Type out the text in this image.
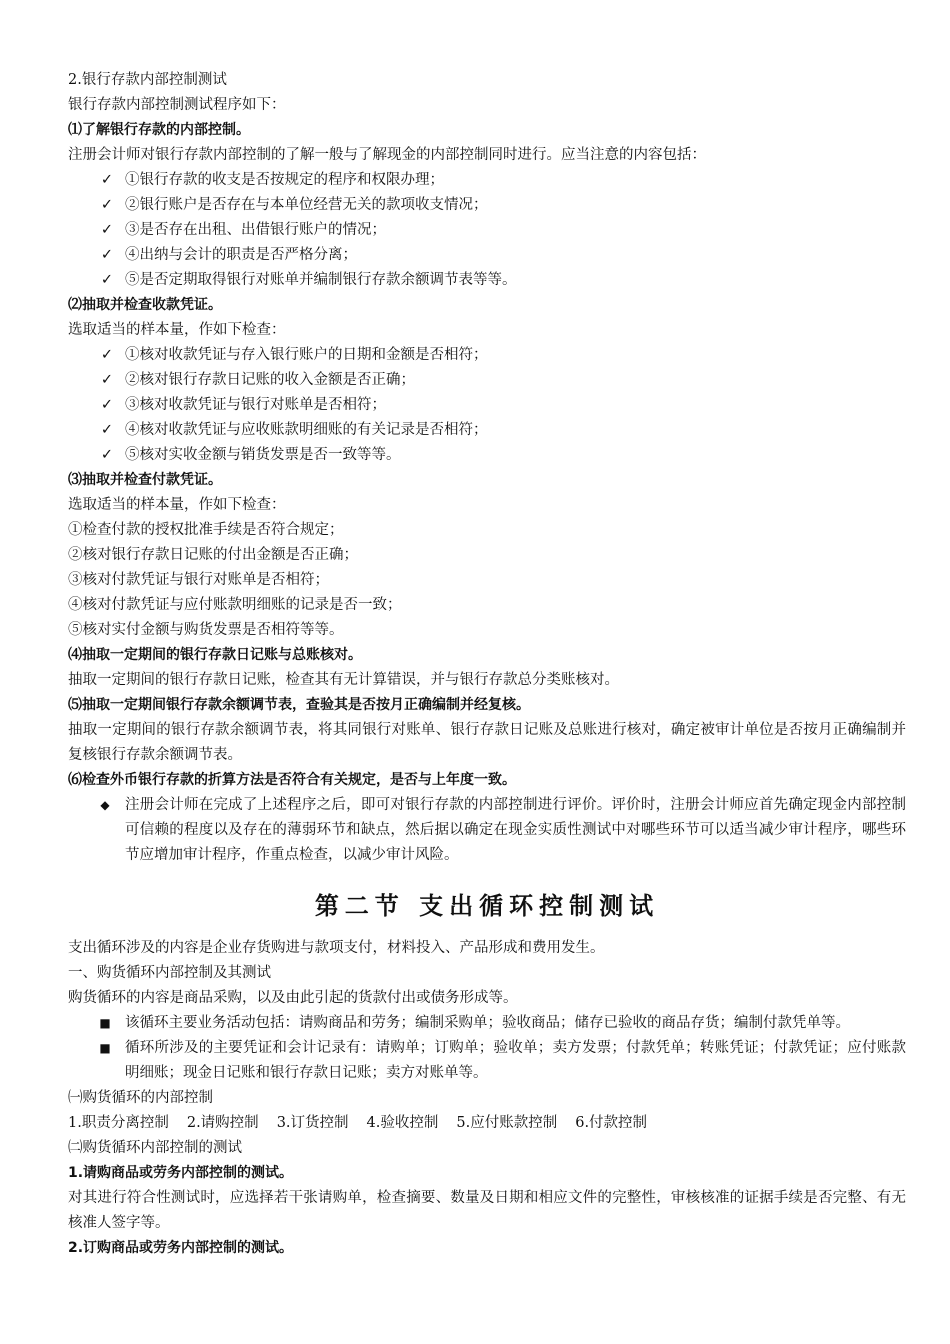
2.银行存款内部控制测试
银行存款内部控制测试程序如下：
⑴了解银行存款的内部控制。
注册会计师对银行存款内部控制的了解一般与了解现金的内部控制同时进行。应当注意的内容包括：
✓ ①银行存款的收支是否按规定的程序和权限办理；
✓ ②银行账户是否存在与本单位经营无关的款项收支情况；
✓ ③是否存在出租、出借银行账户的情况；
✓ ④出纳与会计的职责是否严格分离；
✓ ⑤是否定期取得银行对账单并编制银行存款余额调节表等等。
⑵抽取并检查收款凭证。
选取适当的样本量，作如下检查：
✓ ①核对收款凭证与存入银行账户的日期和金额是否相符；
✓ ②核对银行存款日记账的收入金额是否正确；
✓ ③核对收款凭证与银行对账单是否相符；
✓ ④核对收款凭证与应收账款明细账的有关记录是否相符；
✓ ⑤核对实收金额与销货发票是否一致等等。
⑶抽取并检查付款凭证。
选取适当的样本量，作如下检查：
①检查付款的授权批准手续是否符合规定；
②核对银行存款日记账的付出金额是否正确；
③核对付款凭证与银行对账单是否相符；
④核对付款凭证与应付账款明细账的记录是否一致；
⑤核对实付金额与购货发票是否相符等等。
⑷抽取一定期间的银行存款日记账与总账核对。
抽取一定期间的银行存款日记账，检查其有无计算错误，并与银行存款总分类账核对。
⑸抽取一定期间银行存款余额调节表，查验其是否按月正确编制并经复核。
抽取一定期间的银行存款余额调节表，将其同银行对账单、银行存款日记账及总账进行核对，确定被审计单位是否按月正确编制并复核银行存款余额调节表。
⑹检查外币银行存款的折算方法是否符合有关规定，是否与上年度一致。
◆	注册会计师在完成了上述程序之后，即可对银行存款的内部控制进行评价。评价时，注册会计师应首先确定现金内部控制可信赖的程度以及存在的薄弱环节和缺点，然后据以确定在现金实质性测试中对哪些环节可以适当减少审计程序，哪些环节应增加审计程序，作重点检查，以减少审计风险。
第二节 支出循环控制测试
支出循环涉及的内容是企业存货购进与款项支付，材料投入、产品形成和费用发生。
一、购货循环内部控制及其测试
购货循环的内容是商品采购，以及由此引起的货款付出或债务形成等。
■ 该循环主要业务活动包括：请购商品和劳务；编制采购单；验收商品；储存已验收的商品存货；编制付款凭单等。
■ 循环所涉及的主要凭证和会计记录有：请购单；订购单；验收单；卖方发票；付款凭单；转账凭证；付款凭证；应付账款明细账；现金日记账和银行存款日记账；卖方对账单等。
㈠购货循环的内部控制
1.职责分离控制 2.请购控制 3.订货控制 4.验收控制 5.应付账款控制 6.付款控制
㈡购货循环内部控制的测试
1.请购商品或劳务内部控制的测试。
对其进行符合性测试时，应选择若干张请购单，检查摘要、数量及日期和相应文件的完整性，审核核准的证据手续是否完整、有无核准人签字等。
2.订购商品或劳务内部控制的测试。
